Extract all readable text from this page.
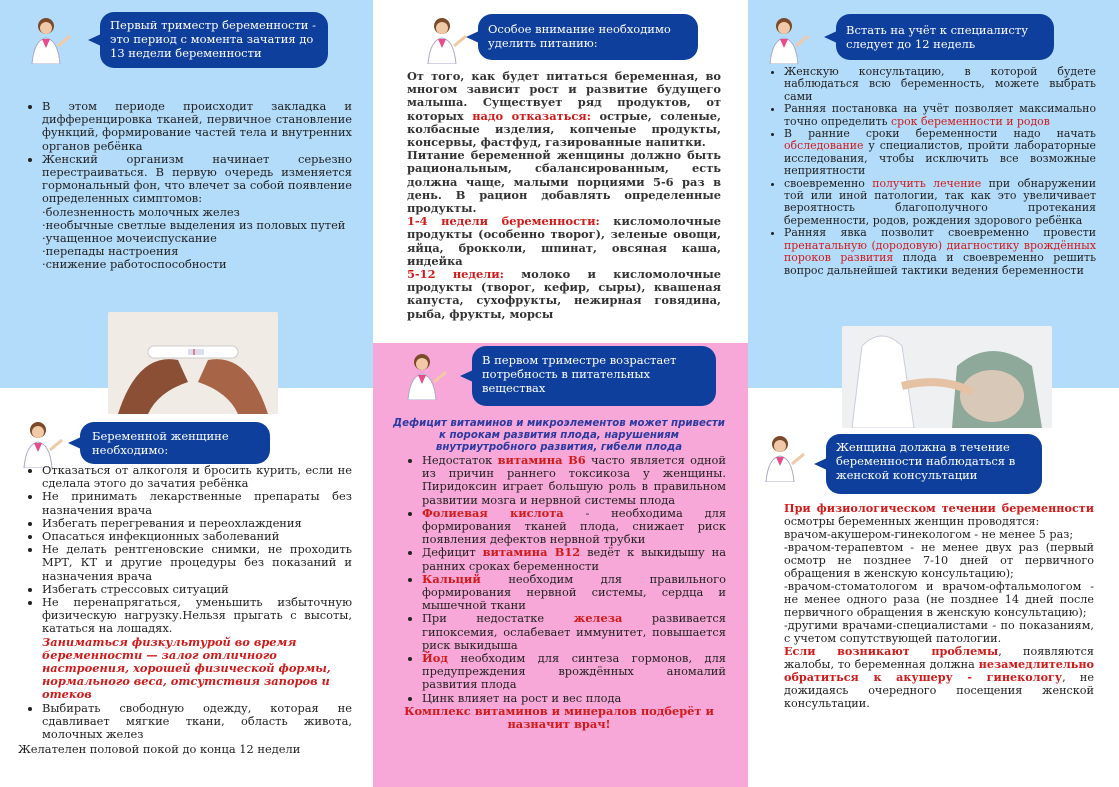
Первый триместр беременности - это период с момента зачатия до 13 недели беременности
Особое внимание необходимо уделить питанию:
Встать на учёт к специалисту следует до 12 недель
В первом триместре возрастает потребность в питательных веществах
Беременной женщине необходимо:	Женщина должна в течение беременности наблюдаться в женской консультации
• В этом периоде происходит закладка и дифференцировка тканей, первичное становление функций, формирование частей тела и внутренних органов ребёнка
• Женский организм начинает серьезно перестраиваться. В первую очередь изменяется гормональный фон, что влечет за собой появление определенных симптомов:

·болезненность молочных желез

·необычные светлые выделения из половых путей

·учащенное мочеиспускание

·перепады настроения

·снижение работоспособности

• Отказаться от алкоголя и бросить курить, если не сделала этого до зачатия ребёнка
• Не принимать лекарственные препараты без назначения врача
• Избегать перегревания и переохлаждения
• Опасаться инфекционных заболеваний
• Не делать рентгеновские снимки, не проходить МРТ, КТ и другие процедуры без показаний и назначения врача
• Избегать стрессовых ситуаций
• Не перенапрягаться, уменьшить избыточную физическую нагрузку.Нельзя прыгать с высоты, кататься на лошадях.

Заниматься физкультурой во время беременности — залог отличного настроения, хорошей физической формы, нормального веса, отсутствия запоров и отеков

• Выбирать свободную одежду, которая не сдавливает мягкие ткани, область живота, молочных желез

Желателен половой покой до конца 12 недели

От того, как будет питаться беременная, во многом зависит рост и развитие будущего малыша. Существует ряд продуктов, от которых надо отказаться: острые, соленые, колбасные изделия, копченые продукты, консервы, фастфуд, газированные напитки.

Питание беременной женщины должно быть рациональным, сбалансированным, есть должна чаще, малыми порциями 5-6 раз в день. В рацион добавлять определенные продукты.

1-4 недели беременности: кисломолочные продукты (особенно творог), зеленые овощи, яйца, брокколи, шпинат, овсяная каша, индейка

5-12 недели: молоко и кисломолочные продукты (творог, кефир, сыры), квашеная капуста, сухофрукты, нежирная говядина, рыба, фрукты, морсы

Дефицит витаминов и микроэлементов может привести к порокам развития плода, нарушениям внутриутробного развития, гибели плода

• Недостаток витамина В6 часто является одной из причин раннего токсикоза у женщины. Пиридоксин играет большую роль в правильном развитии мозга и нервной системы плода
• Фолиевая кислота - необходима для формирования тканей плода, снижает риск появления дефектов нервной трубки
• Дефицит витамина В12 ведёт к выкидышу на ранних сроках беременности
• Кальций необходим для правильного формирования нервной системы, сердца и мышечной ткани
• При недостатке железа развивается гипоксемия, ослабевает иммунитет, повышается риск выкидыша
• Йод необходим для синтеза гормонов, для предупреждения врождённых аномалий развития плода
• Цинк влияет на рост и вес плода

Комплекс витаминов и минералов подберёт и назначит врач!

• Женскую консультацию, в которой будете наблюдаться всю беременность, можете выбрать сами
• Ранняя постановка на учёт позволяет максимально точно определить срок беременности и родов
• В ранние сроки беременности надо начать обследование у специалистов, пройти лабораторные исследования, чтобы исключить все возможные неприятности
• своевременно получить лечение при обнаружении той или иной патологии, так как это увеличивает вероятность благополучного протекания беременности, родов, рождения здорового ребёнка
• Ранняя явка позволит своевременно провести пренатальную (дородовую) диагностику врождённых пороков развития плода и своевременно решить вопрос дальнейшей тактики ведения беременности

При физиологическом течении беременности осмотры беременных женщин проводятся:

врачом-акушером-гинекологом - не менее 5 раз;

-врачом-терапевтом - не менее двух раз (первый осмотр не позднее 7-10 дней от первичного обращения в женскую консультацию);

-врачом-стоматологом и врачом-офтальмологом - не менее одного раза (не позднее 14 дней после первичного обращения в женскую консультацию);

-другими врачами-специалистами - по показаниям, с учетом сопутствующей патологии.

Если возникают проблемы, появляются жалобы, то беременная должна незамедлительно обратиться к акушеру - гинекологу, не дожидаясь очередного посещения женской консультации.
